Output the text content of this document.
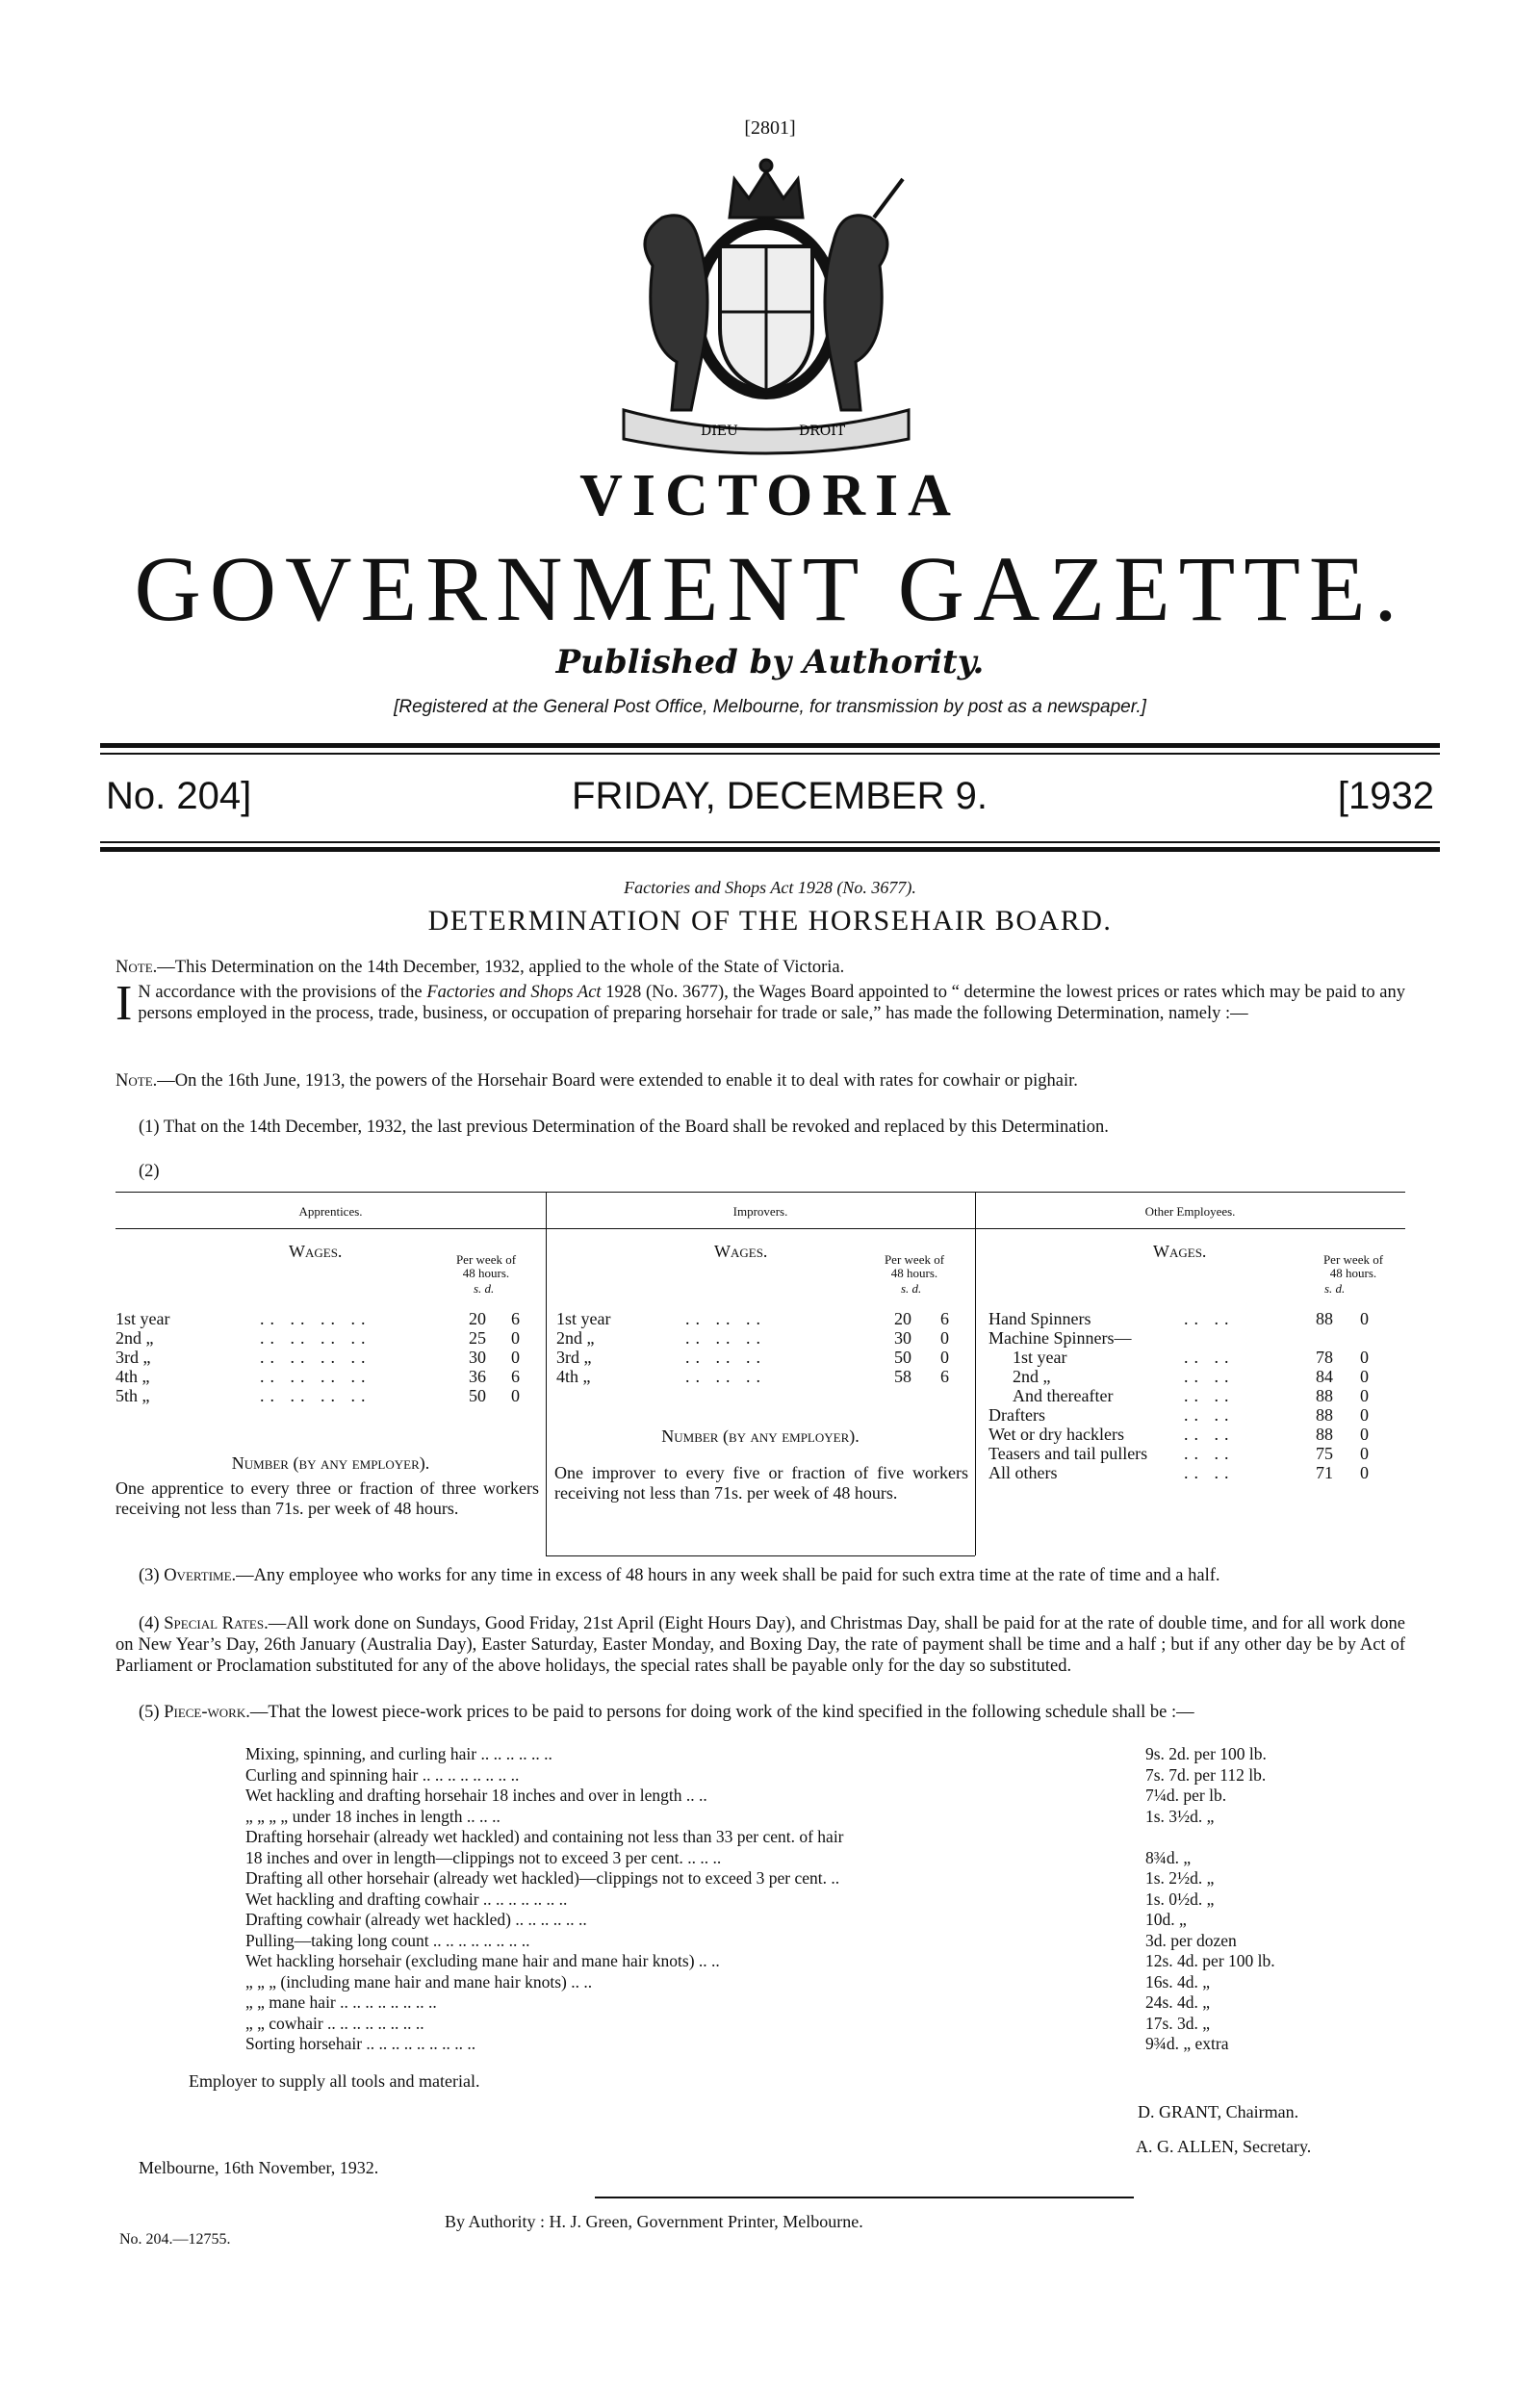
[2801]
DIEU	DROIT
VICTORIA
GOVERNMENT GAZETTE.
Published by Authority.
[Registered at the General Post Office, Melbourne, for transmission by post as a newspaper.]
No. 204]	FRIDAY, DECEMBER 9.	[1932
Factories and Shops Act 1928 (No. 3677).
DETERMINATION OF THE HORSEHAIR BOARD.
Note.—This Determination on the 14th December, 1932, applied to the whole of the State of Victoria.
I N accordance with the provisions of the Factories and Shops Act 1928 (No. 3677), the Wages Board appointed to “ determine the lowest prices or rates which may be paid to any persons employed in the process, trade, business, or occupation of preparing horsehair for trade or sale,” has made the following Determination, namely :—
Note.—On the 16th June, 1913, the powers of the Horsehair Board were extended to enable it to deal with rates for cowhair or pighair.
(1) That on the 14th December, 1932, the last previous Determination of the Board shall be revoked and replaced by this Determination.
(2)
Apprentices.
Wages.	Per week of
48 hours.
s. d.
1st year	.. .. .. ..	20	6
2nd „	.. .. .. ..	25	0
3rd „	.. .. .. ..	30	0
4th „	.. .. .. ..	36	6
5th „	.. .. .. ..	50	0
Number (by any employer).
One apprentice to every three or fraction of three workers receiving not less than 71s. per week of 48 hours.
Improvers.
Wages.	Per week of
48 hours.
s. d.
1st year	.. .. ..	20	6
2nd „	.. .. ..	30	0
3rd „	.. .. ..	50	0
4th „	.. .. ..	58	6
Number (by any employer).
One improver to every five or fraction of five workers receiving not less than 71s. per week of 48 hours.
Other Employees.
Wages.	Per week of
48 hours.
s. d.
Hand Spinners	.. ..	88	0
Machine Spinners—
1st year	.. ..	78	0
2nd „	.. ..	84	0
And thereafter	.. ..	88	0
Drafters	.. ..	88	0
Wet or dry hacklers	.. ..	88	0
Teasers and tail pullers .. ..	75	0
All others	.. ..	71	0
(3) Overtime.—Any employee who works for any time in excess of 48 hours in any week shall be paid for such extra time at the rate of time and a half.
(4) Special Rates.—All work done on Sundays, Good Friday, 21st April (Eight Hours Day), and Christmas Day, shall be paid for at the rate of double time, and for all work done on New Year’s Day, 26th January (Australia Day), Easter Saturday, Easter Monday, and Boxing Day, the rate of payment shall be time and a half ; but if any other day be by Act of Parliament or Proclamation substituted for any of the above holidays, the special rates shall be payable only for the day so substituted.
(5) Piece-work.—That the lowest piece-work prices to be paid to persons for doing work of the kind specified in the following schedule shall be :—
Mixing, spinning, and curling hair .. .. .. .. .. ..	9s. 2d. per 100 lb.
Curling and spinning hair .. .. .. .. .. .. .. ..	7s. 7d. per 112 lb.
Wet hackling and drafting horsehair 18 inches and over in length .. ..	7¼d. per lb.
„ „ „ „ under 18 inches in length .. .. ..	1s. 3½d. „
Drafting horsehair (already wet hackled) and containing not less than 33 per cent. of hair
18 inches and over in length—clippings not to exceed 3 per cent. .. .. ..	8¾d. „
Drafting all other horsehair (already wet hackled)—clippings not to exceed 3 per cent. ..	1s. 2½d. „
Wet hackling and drafting cowhair .. .. .. .. .. .. ..	1s. 0½d. „
Drafting cowhair (already wet hackled) .. .. .. .. .. ..	10d. „
Pulling—taking long count .. .. .. .. .. .. .. ..	3d. per dozen
Wet hackling horsehair (excluding mane hair and mane hair knots) .. ..	12s. 4d. per 100 lb.
„ „ „ (including mane hair and mane hair knots) .. ..	16s. 4d. „
„ „ mane hair .. .. .. .. .. .. .. ..	24s. 4d. „
„ „ cowhair .. .. .. .. .. .. .. ..	17s. 3d. „
Sorting horsehair .. .. .. .. .. .. .. .. ..	9¾d. „ extra
Employer to supply all tools and material.
D. GRANT, Chairman.
A. G. ALLEN, Secretary.
Melbourne, 16th November, 1932.
By Authority : H. J. Green, Government Printer, Melbourne.
No. 204.—12755.
